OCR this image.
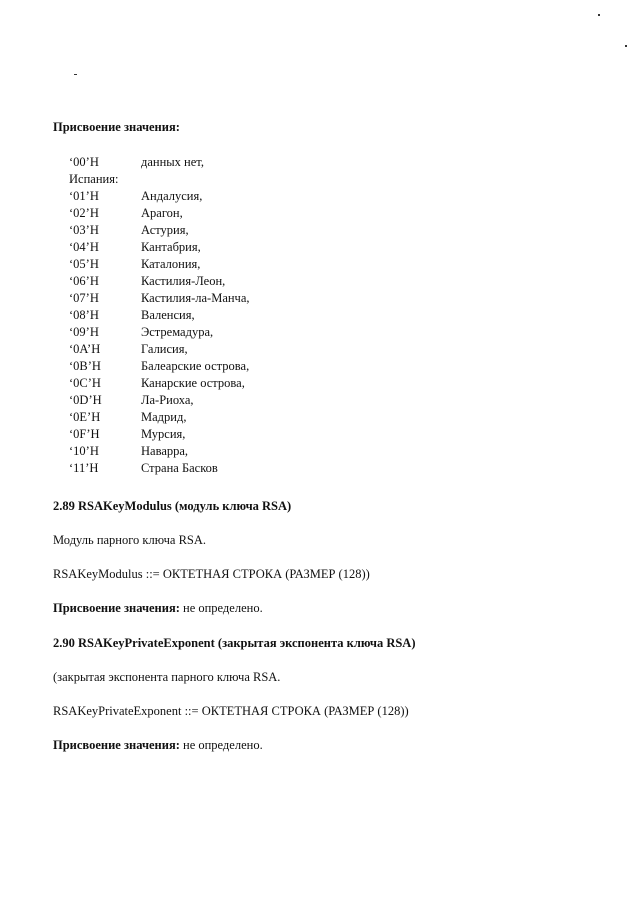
Присвоение значения:
‘00’H	данных нет,
Испания:
‘01’H	Андалусия,
‘02’H	Арагон,
‘03’H	Астурия,
‘04’H	Кантабрия,
‘05’H	Каталония,
‘06’H	Кастилия-Леон,
‘07’H	Кастилия-ла-Манча,
‘08’H	Валенсия,
‘09’H	Эстремадура,
‘0A’H	Галисия,
‘0B’H	Балеарские острова,
‘0C’H	Канарские острова,
‘0D’H	Ла-Риоха,
‘0E’H	Мадрид,
‘0F’H	Мурсия,
‘10’H	Наварра,
‘11’H	Страна Басков
2.89 RSAKeyModulus (модуль ключа RSA)
Модуль парного ключа RSA.
RSAKeyModulus ::= ОКТЕТНАЯ СТРОКА (РАЗМЕР (128))
Присвоение значения: не определено.
2.90 RSAKeyPrivateExponent (закрытая экспонента ключа RSA)
(закрытая экспонента парного ключа RSA.
RSAKeyPrivateExponent ::= ОКТЕТНАЯ СТРОКА (РАЗМЕР (128))
Присвоение значения: не определено.
